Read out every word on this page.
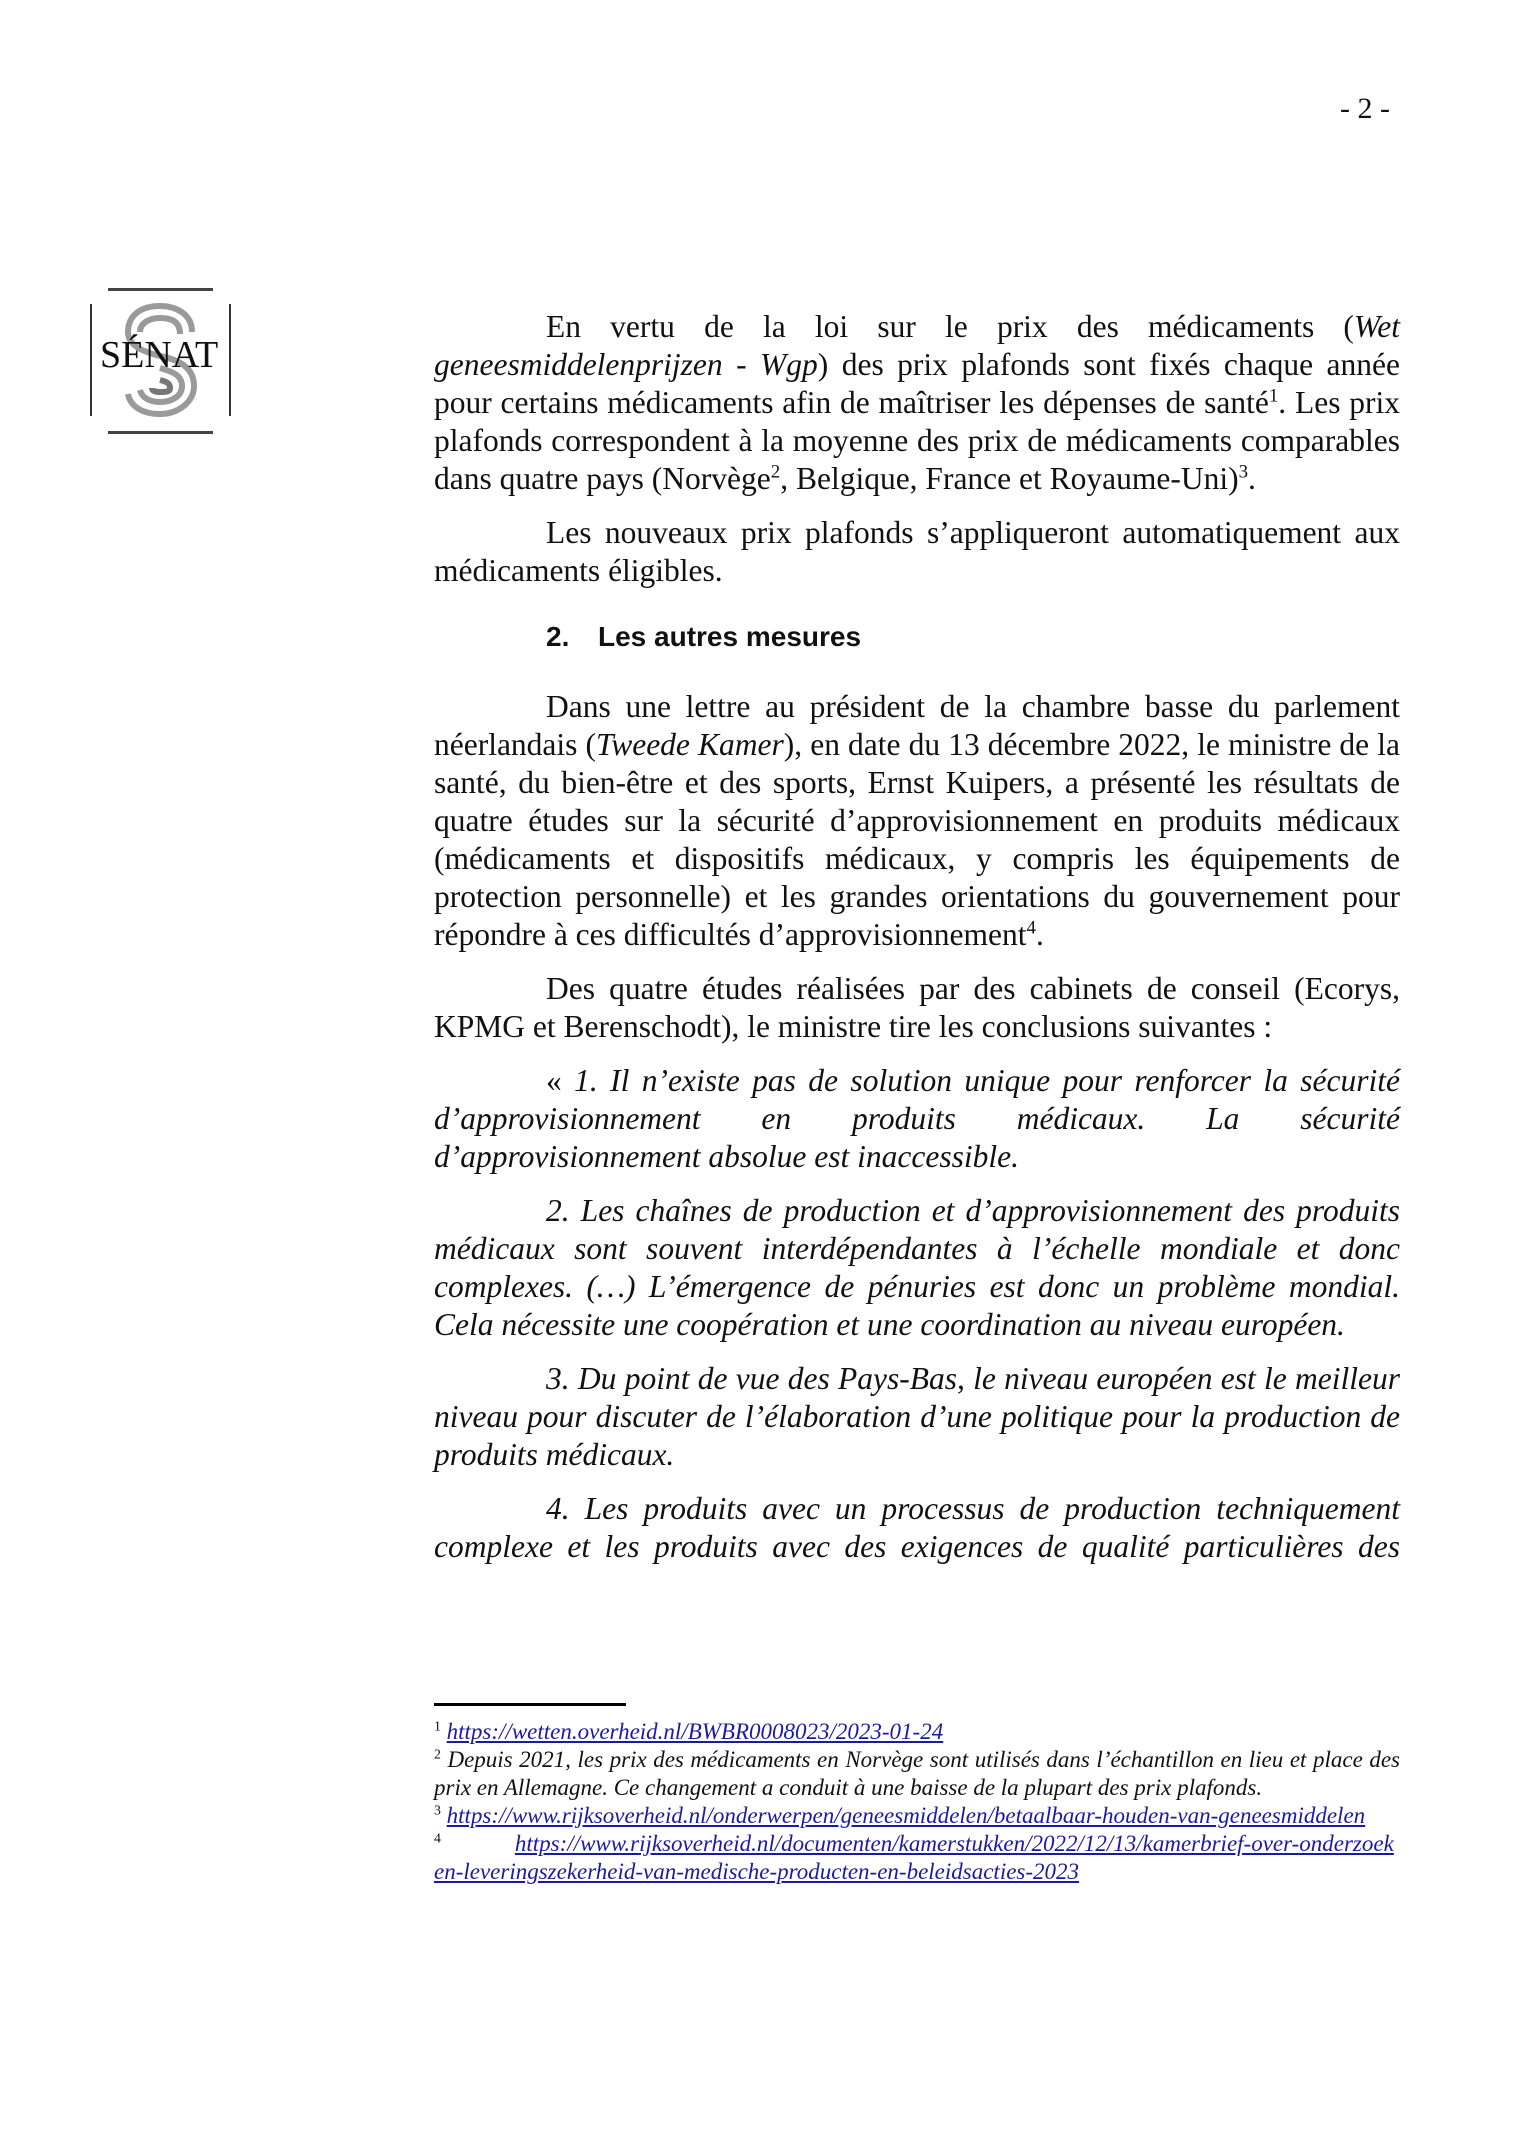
- 2 -
SÉNAT

En vertu de la loi sur le prix des médicaments (Wet geneesmiddelenprijzen - Wgp) des prix plafonds sont fixés chaque année pour certains médicaments afin de maîtriser les dépenses de santé$^1$. Les prix plafonds correspondent à la moyenne des prix de médicaments comparables dans quatre pays (Norvège$^2$, Belgique, France et Royaume-Uni)$^3$.

Les nouveaux prix plafonds s’appliqueront automatiquement aux médicaments éligibles.

2. Les autres mesures

Dans une lettre au président de la chambre basse du parlement néerlandais (Tweede Kamer), en date du 13 décembre 2022, le ministre de la santé, du bien-être et des sports, Ernst Kuipers, a présenté les résultats de quatre études sur la sécurité d’approvisionnement en produits médicaux (médicaments et dispositifs médicaux, y compris les équipements de protection personnelle) et les grandes orientations du gouvernement pour répondre à ces difficultés d’approvisionnement$^4$.

Des quatre études réalisées par des cabinets de conseil (Ecorys, KPMG et Berenschodt), le ministre tire les conclusions suivantes :

« 1. Il n’existe pas de solution unique pour renforcer la sécurité d’approvisionnement en produits médicaux. La sécurité d’approvisionnement absolue est inaccessible.

2. Les chaînes de production et d’approvisionnement des produits médicaux sont souvent interdépendantes à l’échelle mondiale et donc complexes. (…) L’émergence de pénuries est donc un problème mondial. Cela nécessite une coopération et une coordination au niveau européen.

3. Du point de vue des Pays-Bas, le niveau européen est le meilleur niveau pour discuter de l’élaboration d’une politique pour la production de produits médicaux.

4. Les produits avec un processus de production techniquement complexe et les produits avec des exigences de qualité particulières des

$^1$ https://wetten.overheid.nl/BWBR0008023/2023-01-24

$^2$ Depuis 2021, les prix des médicaments en Norvège sont utilisés dans l’échantillon en lieu et place des prix en Allemagne. Ce changement a conduit à une baisse de la plupart des prix plafonds.

$^3$ https://www.rijksoverheid.nl/onderwerpen/geneesmiddelen/betaalbaar-houden-van-geneesmiddelen

$^4$	https://www.rijksoverheid.nl/documenten/kamerstukken/2022/12/13/kamerbrief-over-onderzoeken-leveringszekerheid-van-medische-producten-en-beleidsacties-2023
